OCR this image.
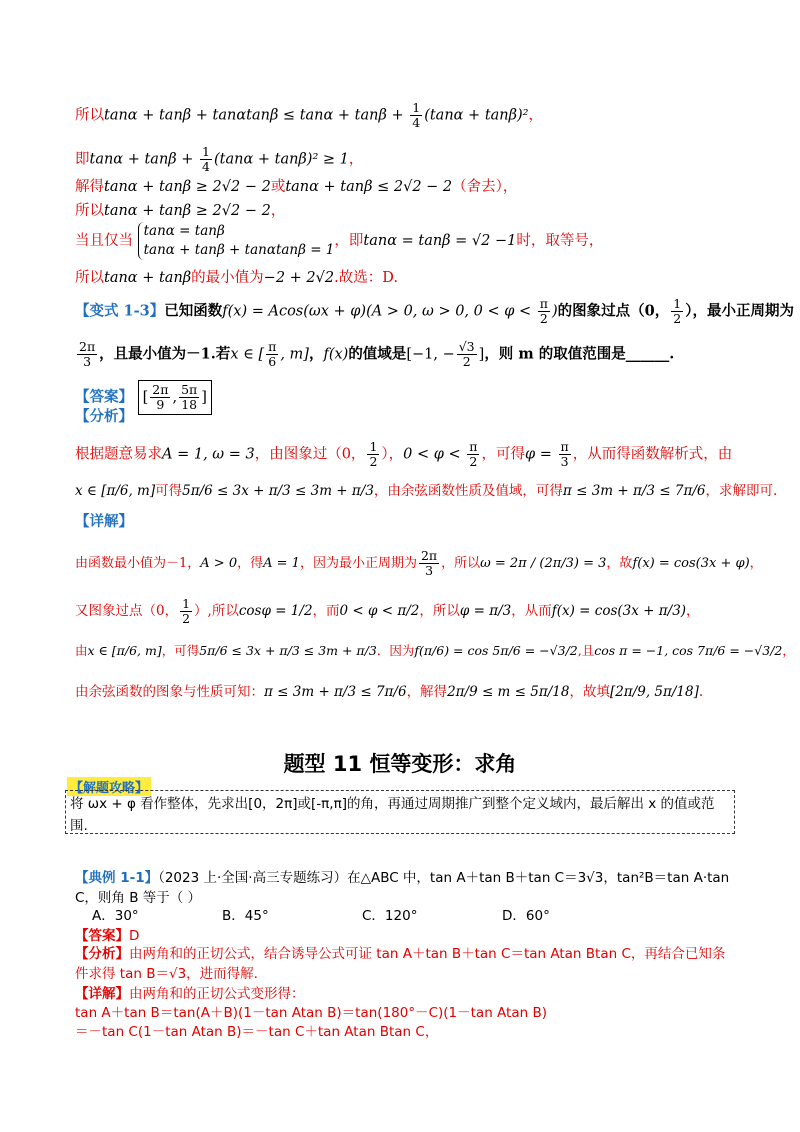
所以$\tan\alpha + \tan\beta + \tan\alpha\tan\beta \le \tan\alpha + \tan\beta + \frac{1}{4} (\tan\alpha + \tan\beta)^2$，
即$\tan\alpha + \tan\beta + \frac{1}{4} (\tan\alpha + \tan\beta)^2 \ge 1$，
解得tanα + tanβ ≥ 2√2 − 2或tanα + tanβ ≤ 2√2 − 2（舍去），
所以tanα + tanβ ≥ 2√2 − 2，
当且仅当
tanα = tanβ
tanα + tanβ + tanαtanβ = 1
，即tanα = tanβ = √2 −1时，取等号，
所以tanα + tanβ的最小值为−2 + 2√2.故选：D.
【变式 1-3】已知函数f(x) = Acos(ωx + φ)(A > 0, ω > 0, $0 < \varphi < \frac{\pi}{2}$ )的图象过点（0， $\frac{1}{2}$ ），最小正周期为
$\frac{2\pi}{3}$ ，且最小值为－1.若x ∈ [ $\frac{\pi}{6}$ , m]，f(x)的值域是[−1, − $\frac{√3}{2}$ ]，则 m 的取值范围是______.
【答案】 [ $\frac{2\pi}{9}$ , $\frac{5\pi}{18}$ ]
【分析】
根据题意易求A = 1, ω = 3，由图象过（0， $\frac{1}{2}$ ），$0 < \varphi < \frac{\pi}{2}$ ，可得$\varphi = \frac{\pi}{3}$ ，从而得函数解析式，由
x ∈ [π/6, m]可得5π/6 ≤ 3x + π/3 ≤ 3m + π/3，由余弦函数性质及值域，可得π ≤ 3m + π/3 ≤ 7π/6，求解即可.
【详解】
由函数最小值为－1，A > 0，得A = 1，因为最小正周期为 $\frac{2\pi}{3}$ ，所以ω = 2π / (2π/3) = 3，故f(x) = cos(3x + φ)，
又图象过点（0， $\frac{1}{2}$ ）,所以cosφ = 1/2，而0 < φ < π/2，所以φ = π/3，从而f(x) = cos(3x + π/3)，
由x ∈ [π/6, m]，可得5π/6 ≤ 3x + π/3 ≤ 3m + π/3．因为f(π/6) = cos 5π/6 = −√3/2,且cos π = −1, cos 7π/6 = −√3/2，
由余弦函数的图象与性质可知：π ≤ 3m + π/3 ≤ 7π/6，解得2π/9 ≤ m ≤ 5π/18，故填[2π/9, 5π/18].
题型 11 恒等变形：求角
【解题攻略】
将 ωx + φ 看作整体，先求出[0，2π]或[-π,π]的角，再通过周期推广到整个定义域内，最后解出 x 的值或范围.
【典例 1-1】（2023 上·全国·高三专题练习）在△ABC 中，tan A＋tan B＋tan C＝3√3，tan²B＝tan A·tan
C，则角 B 等于（ ）
A．30°	B．45°	C．120°	D．60°
【答案】D
【分析】由两角和的正切公式，结合诱导公式可证 tan A＋tan B＋tan C＝tan Atan Btan C，再结合已知条
件求得 tan B＝√3，进而得解.
【详解】由两角和的正切公式变形得：
tan A＋tan B＝tan(A＋B)(1－tan Atan B)＝tan(180°－C)(1－tan Atan B)
＝－tan C(1－tan Atan B)＝－tan C＋tan Atan Btan C，
